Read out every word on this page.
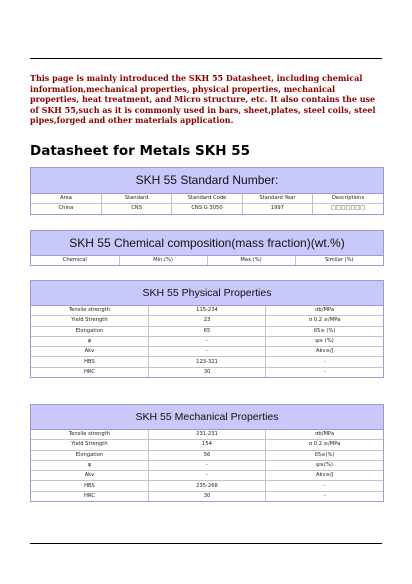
This page is mainly introduced the SKH 55 Datasheet, including chemical information,mechanical properties, physical properties, mechanical properties, heat treatment, and Micro structure, etc. It also contains the use of SKH 55,such as it is commonly used in bars, sheet,plates, steel coils, steel pipes,forged and other materials application.

Datasheet for Metals SKH 55
SKH 55 Standard Number:
Area	Standard	Standard Code	Standard Year	Descriptions
China	CNS	CNS G 3050	1997	□□□□□□□
SKH 55 Chemical composition(mass fraction)(wt.%)
Chemical	Min.(%)	Max.(%)	Similar (%)
SKH 55 Physical Properties
Tensile strength	115-234	σb/MPa
Yield Strength	23	σ 0.2 ≥/MPa
Elongation	65	δ5≥ (%)
ψ	-	ψ≥ (%)
Akv	-	Akv≥/J
HBS	123-321	-
HRC	30	-
SKH 55 Mechanical Properties
Tensile strength	231-231	σb/MPa
Yield Strength	154	σ 0.2 ≥/MPa
Elongation	56	δ5≥(%)
ψ	-	ψ≥(%)
Akv	-	Akv≥/J
HBS	235-268	-
HRC	30	-
